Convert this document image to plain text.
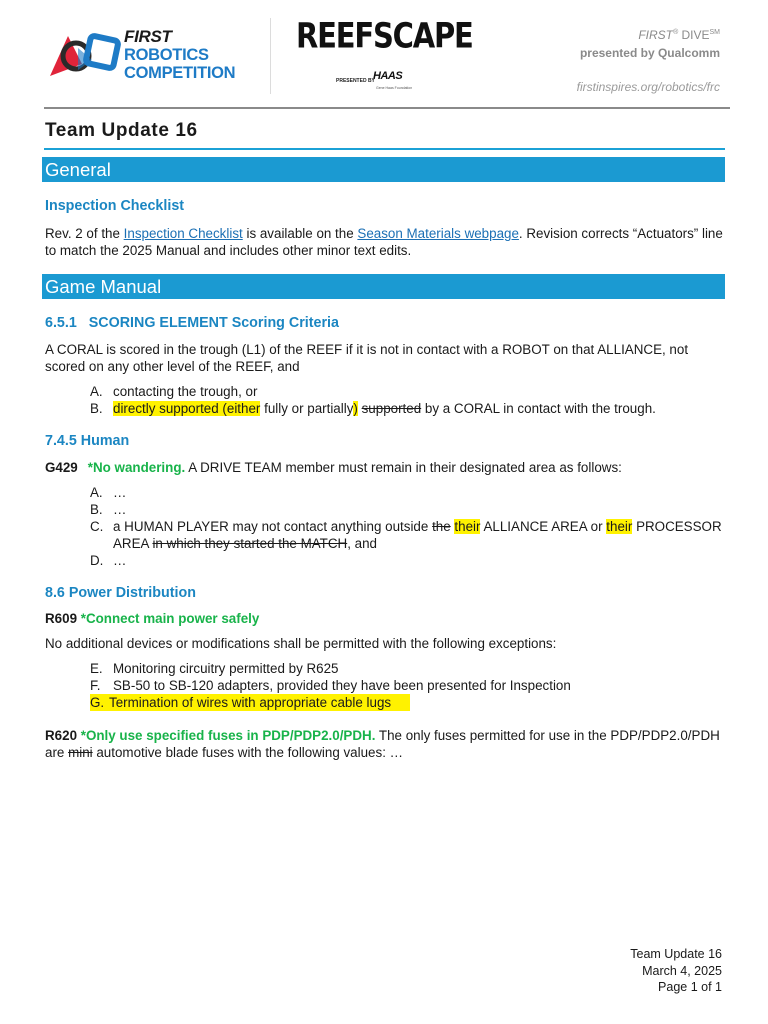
FIRST
ROBOTICS
COMPETITION
REEFSCAPE
PRESENTED BY
HAAS
Gene Haas Foundation
FIRST® DIVE℠
presented by Qualcomm
firstinspires.org/robotics/frc
Team Update 16
General
Inspection Checklist
Rev. 2 of the Inspection Checklist is available on the Season Materials webpage. Revision corrects “Actuators” line to match the 2025 Manual and includes other minor text edits.
Game Manual
6.5.1   SCORING ELEMENT Scoring Criteria
A CORAL is scored in the trough (L1) of the REEF if it is not in contact with a ROBOT on that ALLIANCE, not scored on any other level of the REEF, and
A. contacting the trough, or
B. directly supported (either fully or partially) supported by a CORAL in contact with the trough.
7.4.5 Human
G429 *No wandering. A DRIVE TEAM member must remain in their designated area as follows:
A. …
B. …
C. a HUMAN PLAYER may not contact anything outside the their ALLIANCE AREA or their PROCESSOR AREA in which they started the MATCH, and
D. …
8.6 Power Distribution
R609 *Connect main power safely
No additional devices or modifications shall be permitted with the following exceptions:
E. Monitoring circuitry permitted by R625
F. SB-50 to SB-120 adapters, provided they have been presented for Inspection
G. Termination of wires with appropriate cable lugs
R620 *Only use specified fuses in PDP/PDP2.0/PDH. The only fuses permitted for use in the PDP/PDP2.0/PDH are mini automotive blade fuses with the following values: …
Team Update 16
March 4, 2025
Page 1 of 1
